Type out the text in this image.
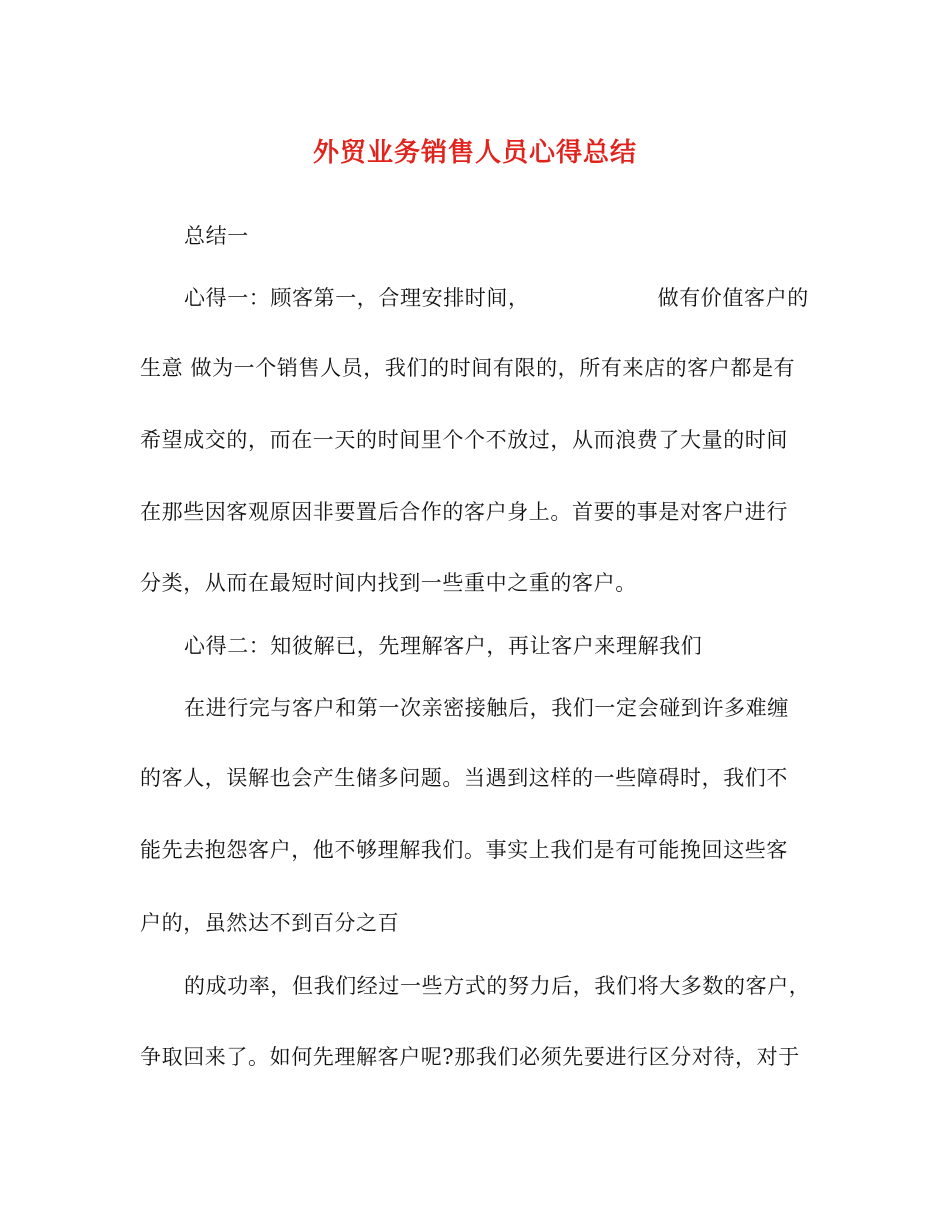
外贸业务销售人员心得总结
总结一
心得一：顾客第一，合理安排时间，	做有价值客户的
生意 做为一个销售人员，我们的时间有限的，所有来店的客户都是有
希望成交的，而在一天的时间里个个不放过，从而浪费了大量的时间
在那些因客观原因非要置后合作的客户身上。首要的事是对客户进行
分类，从而在最短时间内找到一些重中之重的客户。
心得二：知彼解已，先理解客户，再让客户来理解我们
在进行完与客户和第一次亲密接触后，我们一定会碰到许多难缠
的客人，误解也会产生储多问题。当遇到这样的一些障碍时，我们不
能先去抱怨客户，他不够理解我们。事实上我们是有可能挽回这些客
户的，虽然达不到百分之百
的成功率，但我们经过一些方式的努力后，我们将大多数的客户，
争取回来了。如何先理解客户呢?那我们必须先要进行区分对待，对于
